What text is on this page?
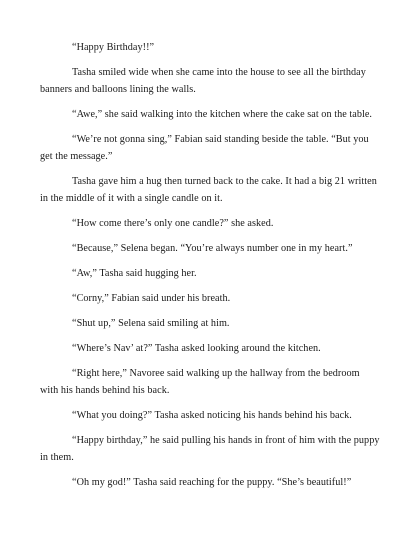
“Happy Birthday!!”

Tasha smiled wide when she came into the house to see all the birthday banners and balloons lining the walls.

“Awe,” she said walking into the kitchen where the cake sat on the table.

“We’re not gonna sing,” Fabian said standing beside the table. “But you get the message.”

Tasha gave him a hug then turned back to the cake. It had a big 21 written in the middle of it with a single candle on it.

“How come there’s only one candle?” she asked.

“Because,” Selena began. “You’re always number one in my heart.”

“Aw,” Tasha said hugging her.

“Corny,” Fabian said under his breath.

“Shut up,” Selena said smiling at him.

“Where’s Nav’ at?” Tasha asked looking around the kitchen.

“Right here,” Navoree said walking up the hallway from the bedroom with his hands behind his back.

“What you doing?” Tasha asked noticing his hands behind his back.

“Happy birthday,” he said pulling his hands in front of him with the puppy in them.

“Oh my god!” Tasha said reaching for the puppy. “She’s beautiful!”
